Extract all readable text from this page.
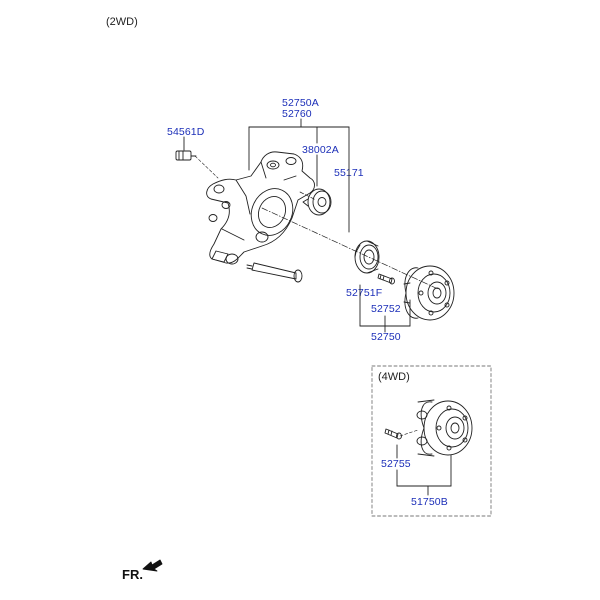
(2WD)
52750A
52760
54561D
38002A
55171
52751F
52752
52750
(4WD)
52755
51750B
FR.
